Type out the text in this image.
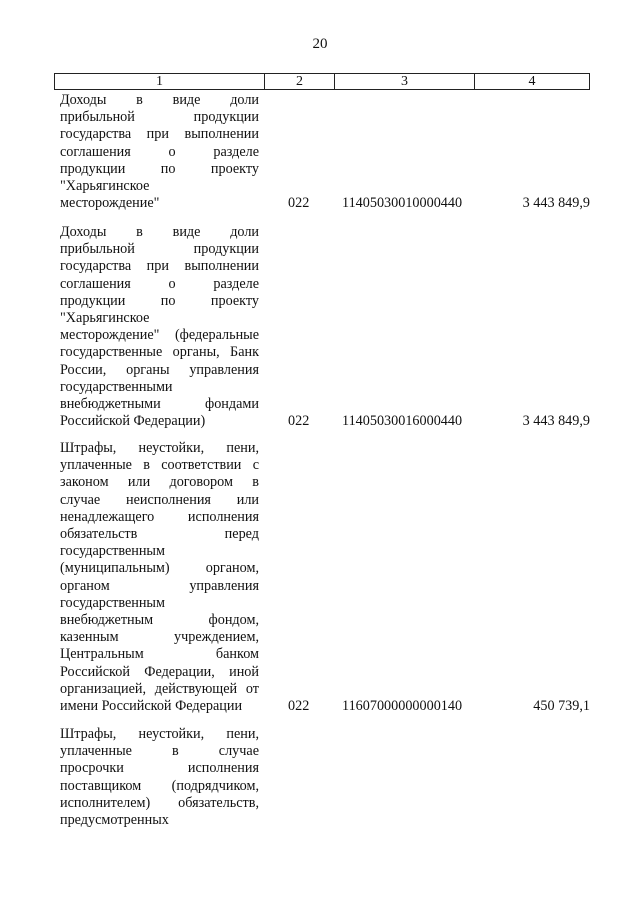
20
1	2	3	4
Доходы в виде доли
прибыльной продукции
государства при выполнении
соглашения о разделе
продукции по проекту
"Харьягинское
месторождение"	022	11405030010000440	3 443 849,9
Доходы в виде доли
прибыльной продукции
государства при выполнении
соглашения о разделе
продукции по проекту
"Харьягинское
месторождение" (федеральные
государственные органы, Банк
России, органы управления
государственными
внебюджетными фондами
Российской Федерации)	022	11405030016000440	3 443 849,9
Штрафы, неустойки, пени,
уплаченные в соответствии с
законом или договором в
случае неисполнения или
ненадлежащего исполнения
обязательств перед
государственным
(муниципальным) органом,
органом управления
государственным
внебюджетным фондом,
казенным учреждением,
Центральным банком
Российской Федерации, иной
организацией, действующей от
имени Российской Федерации	022	11607000000000140	450 739,1
Штрафы, неустойки, пени,
уплаченные в случае
просрочки исполнения
поставщиком (подрядчиком,
исполнителем) обязательств,
предусмотренных
